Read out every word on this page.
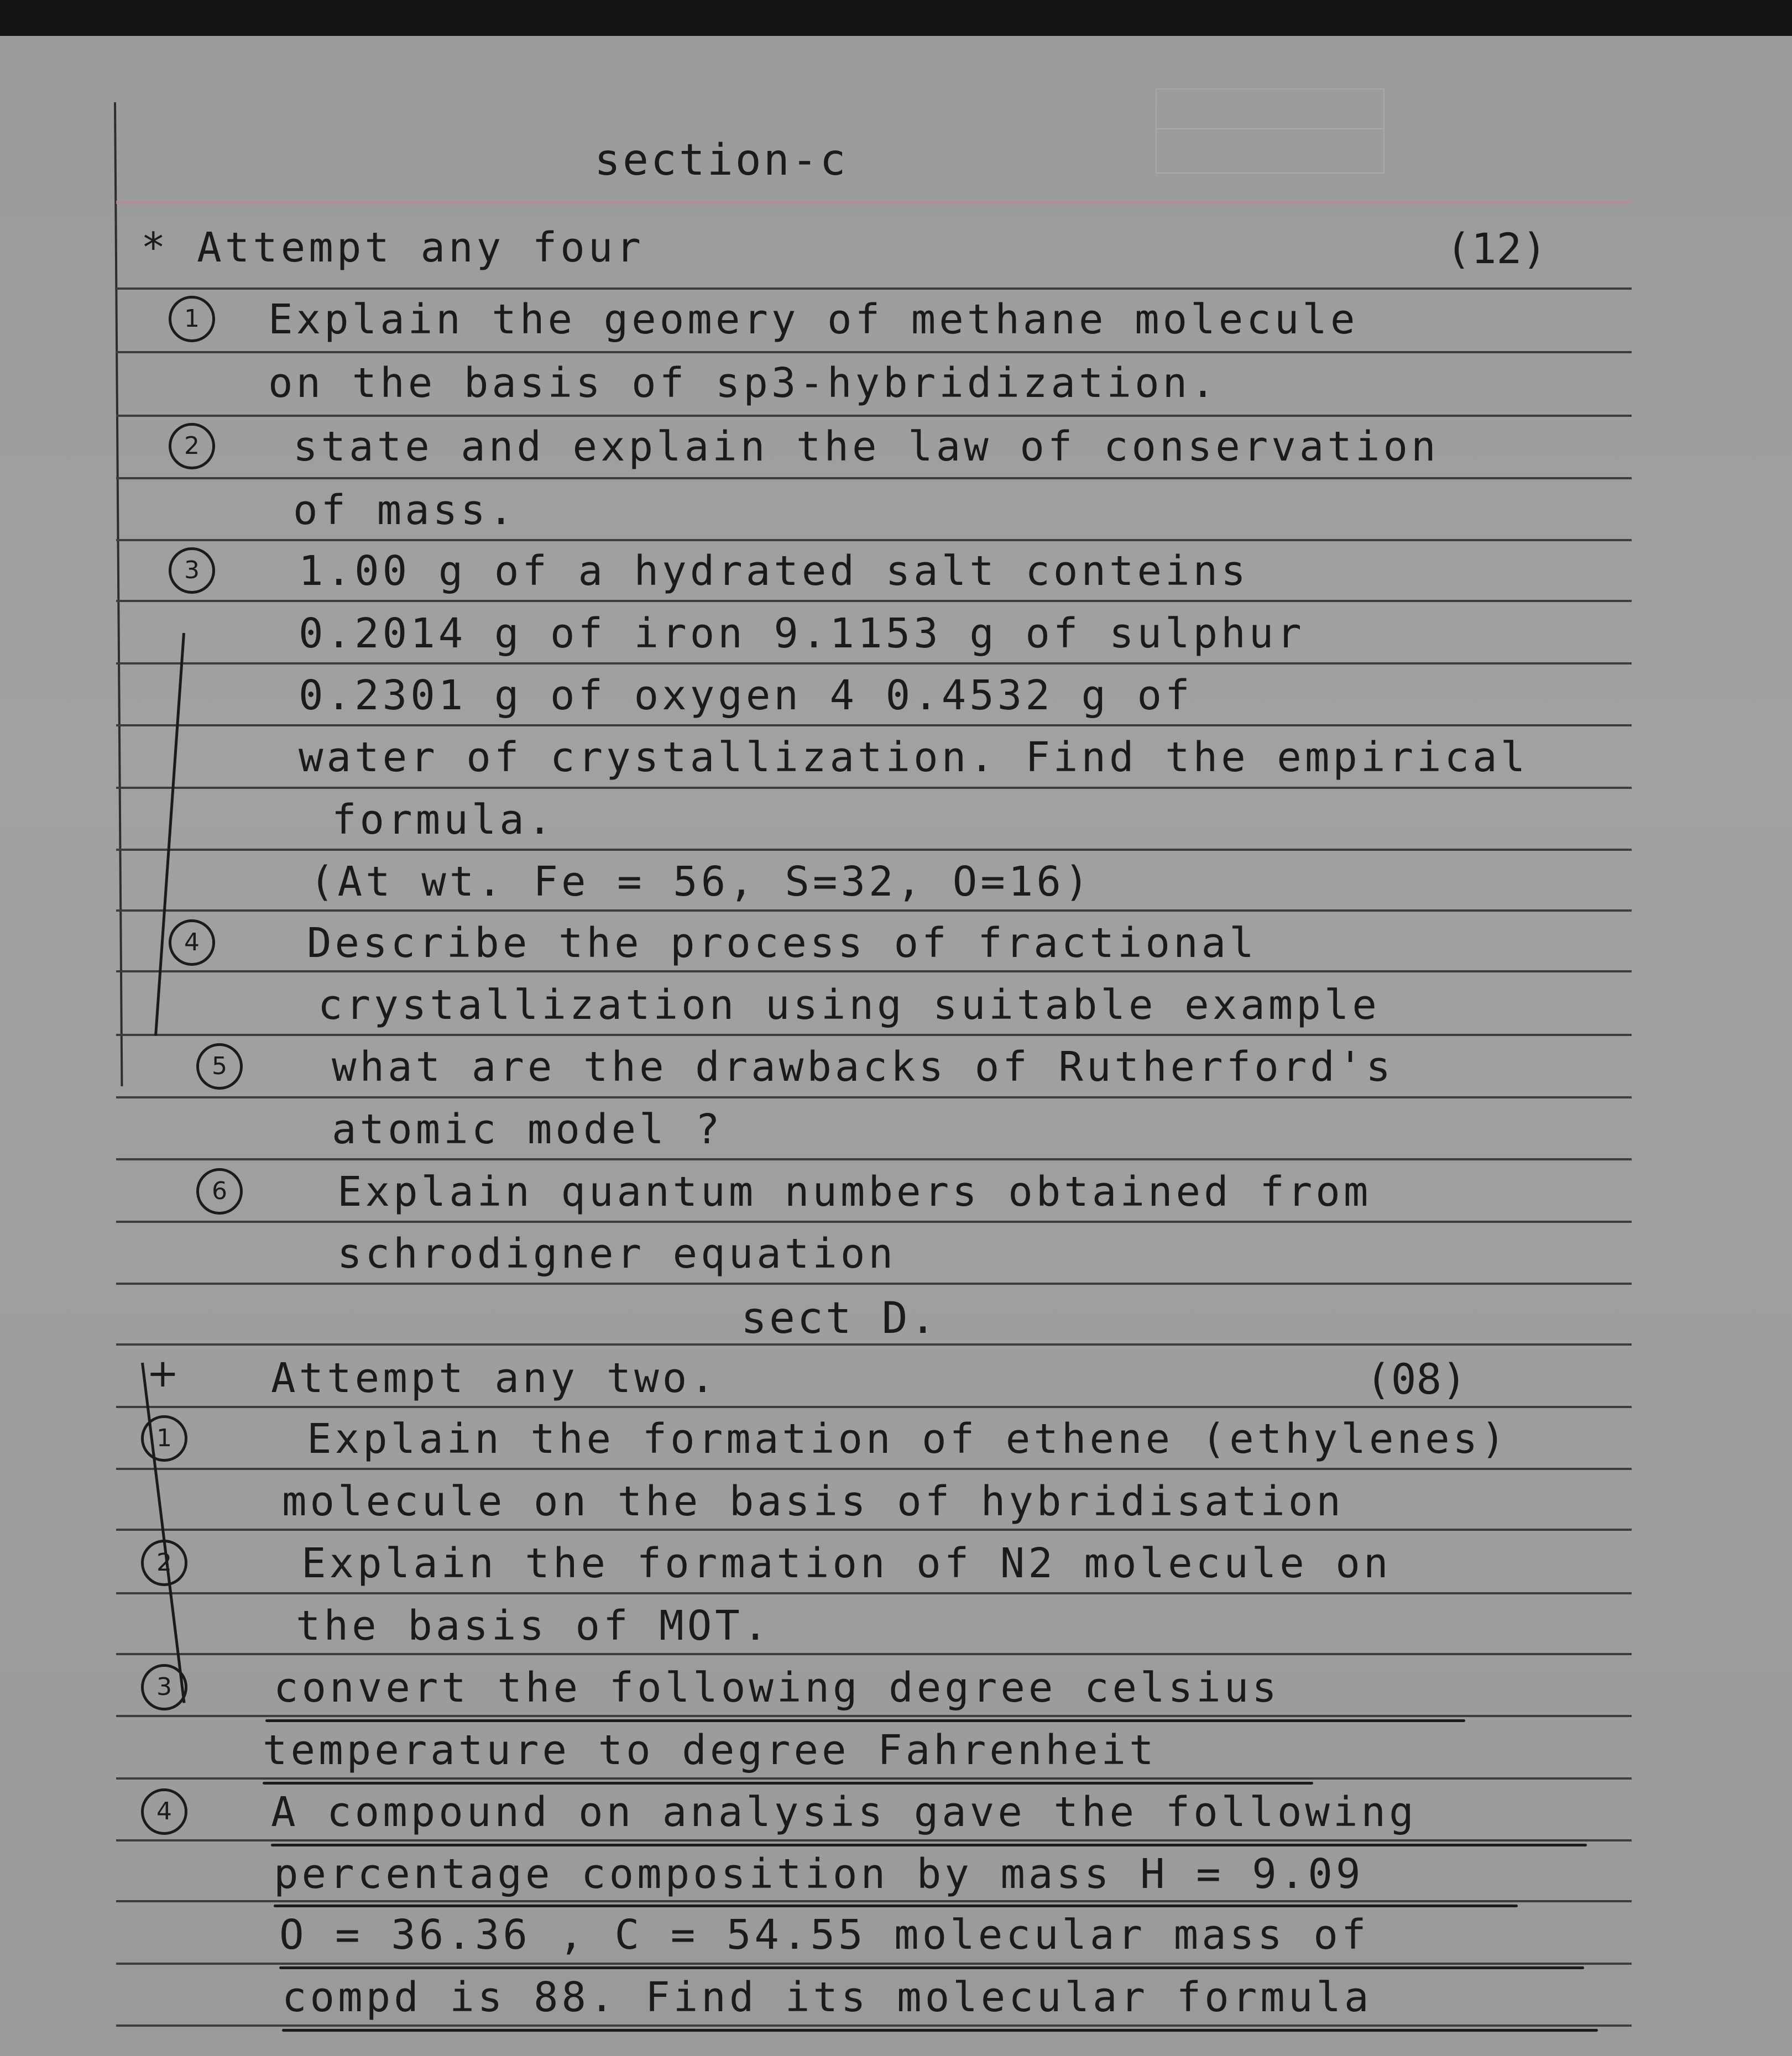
section-c
* Attempt any four	(12)
1	Explain the geomery of methane molecule
on the basis of sp3-hybridization.
2	state and explain the law of conservation
of mass.
3	1.00 g of a hydrated salt conteins
0.2014 g of iron 9.1153 g of sulphur
0.2301 g of oxygen 4 0.4532 g of
water of crystallization. Find the empirical
formula.
(At wt. Fe = 56, S=32, O=16)
4	Describe the process of fractional
crystallization using suitable example
5	what are the drawbacks of Rutherford's
atomic model ?
6	Explain quantum numbers obtained from
schrodigner equation
sect D.
+ Attempt any two.	(08)
1	Explain the formation of ethene (ethylenes)
molecule on the basis of hybridisation
2	Explain the formation of N2 molecule on
the basis of MOT.
3	convert the following degree celsius
temperature to degree Fahrenheit
4	A compound on analysis gave the following
percentage composition by mass H = 9.09
O = 36.36 , C = 54.55 molecular mass of
compd is 88. Find its molecular formula
